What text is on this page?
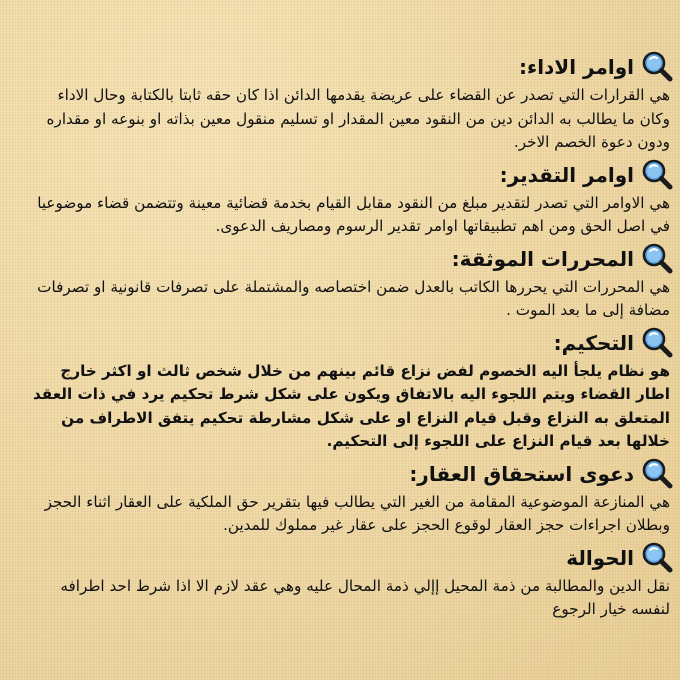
اوامر الاداء:

هي القرارات التي تصدر عن القضاء على عريضة يقدمها الدائن اذا كان حقه ثابتا بالكتابة وحال الاداء وكان ما يطالب به الدائن دين من النقود معين المقدار او تسليم منقول معين بذاته او بنوعه او مقداره ودون دعوة الخصم الاخر.

اوامر التقدير:

هي الاوامر التي تصدر لتقدير مبلغ من النقود مقابل القيام بخدمة قضائية معينة وتتضمن قضاء موضوعيا في اصل الحق ومن اهم تطبيقاتها اوامر تقدير الرسوم ومصاريف الدعوى.

المحررات الموثقة:

هي المحررات التي يحررها الكاتب بالعدل ضمن اختصاصه والمشتملة على تصرفات قانونية او تصرفات مضافة إلى ما بعد الموت .

التحكيم:

هو نظام يلجأ اليه الخصوم لفض نزاع قائم بينهم من خلال شخص ثالث او اكثر خارج اطار القضاء ويتم اللجوء اليه بالاتفاق ويكون على شكل شرط تحكيم يرد في ذات العقد المتعلق به النزاع وقبل قيام النزاع او على شكل مشارطة تحكيم يتفق الاطراف من خلالها بعد قيام النزاع على اللجوء إلى التحكيم.

دعوى استحقاق العقار:

هي المنازعة الموضوعية المقامة من الغير التي يطالب فيها بتقرير حق الملكية على العقار اثناء الحجز وبطلان اجراءات حجز العقار لوقوع الحجز على عقار غير مملوك للمدين.

الحوالة

نقل الدين والمطالبة من ذمة المحيل إإلي ذمة المحال عليه وهي عقد لازم الا اذا شرط احد اطرافه لنفسه خيار الرجوع
